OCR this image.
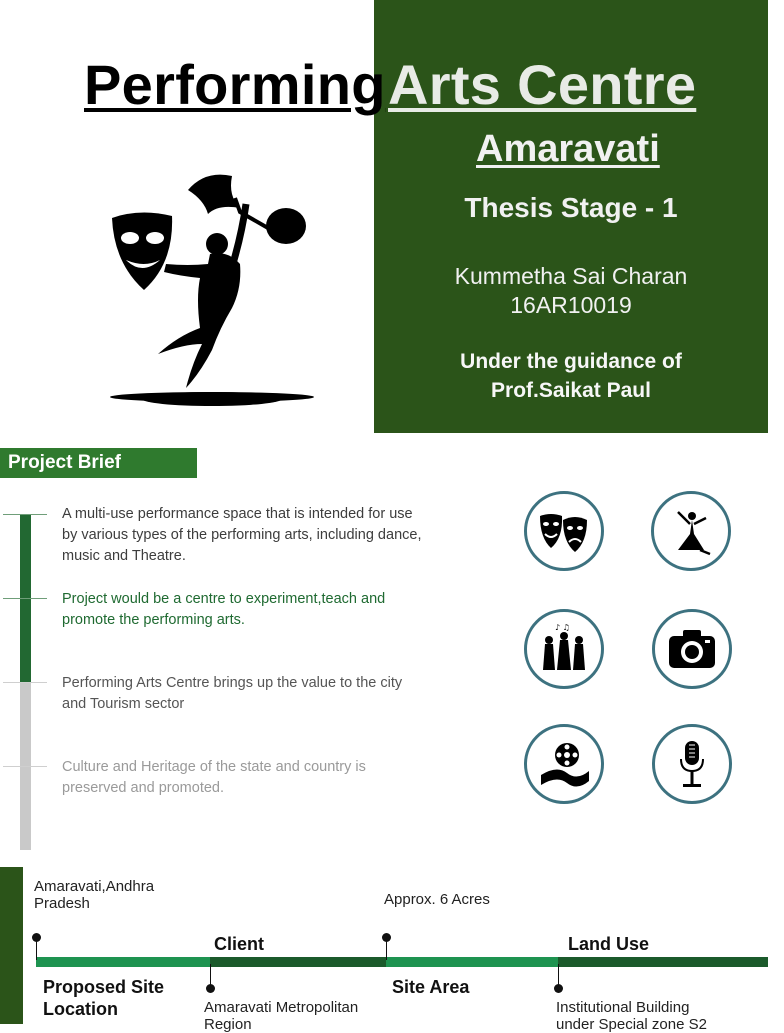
Performing Arts Centre
Amaravati
Thesis Stage - 1
Kummetha Sai Charan
16AR10019
Under the guidance of
Prof.Saikat Paul
Project Brief
A multi-use performance space that is intended for use by various types of the performing arts, including dance, music and Theatre.
Project would be a centre to experiment,teach and promote the performing arts.
Performing Arts Centre brings up the value to the city and Tourism sector
Culture and Heritage of the state and country is preserved and promoted.
♪ ♫
Amaravati,Andhra Pradesh
Client
Approx. 6 Acres
Land Use
Proposed Site Location	Amaravati Metropolitan Region
Site Area
Institutional Building under Special zone S2
